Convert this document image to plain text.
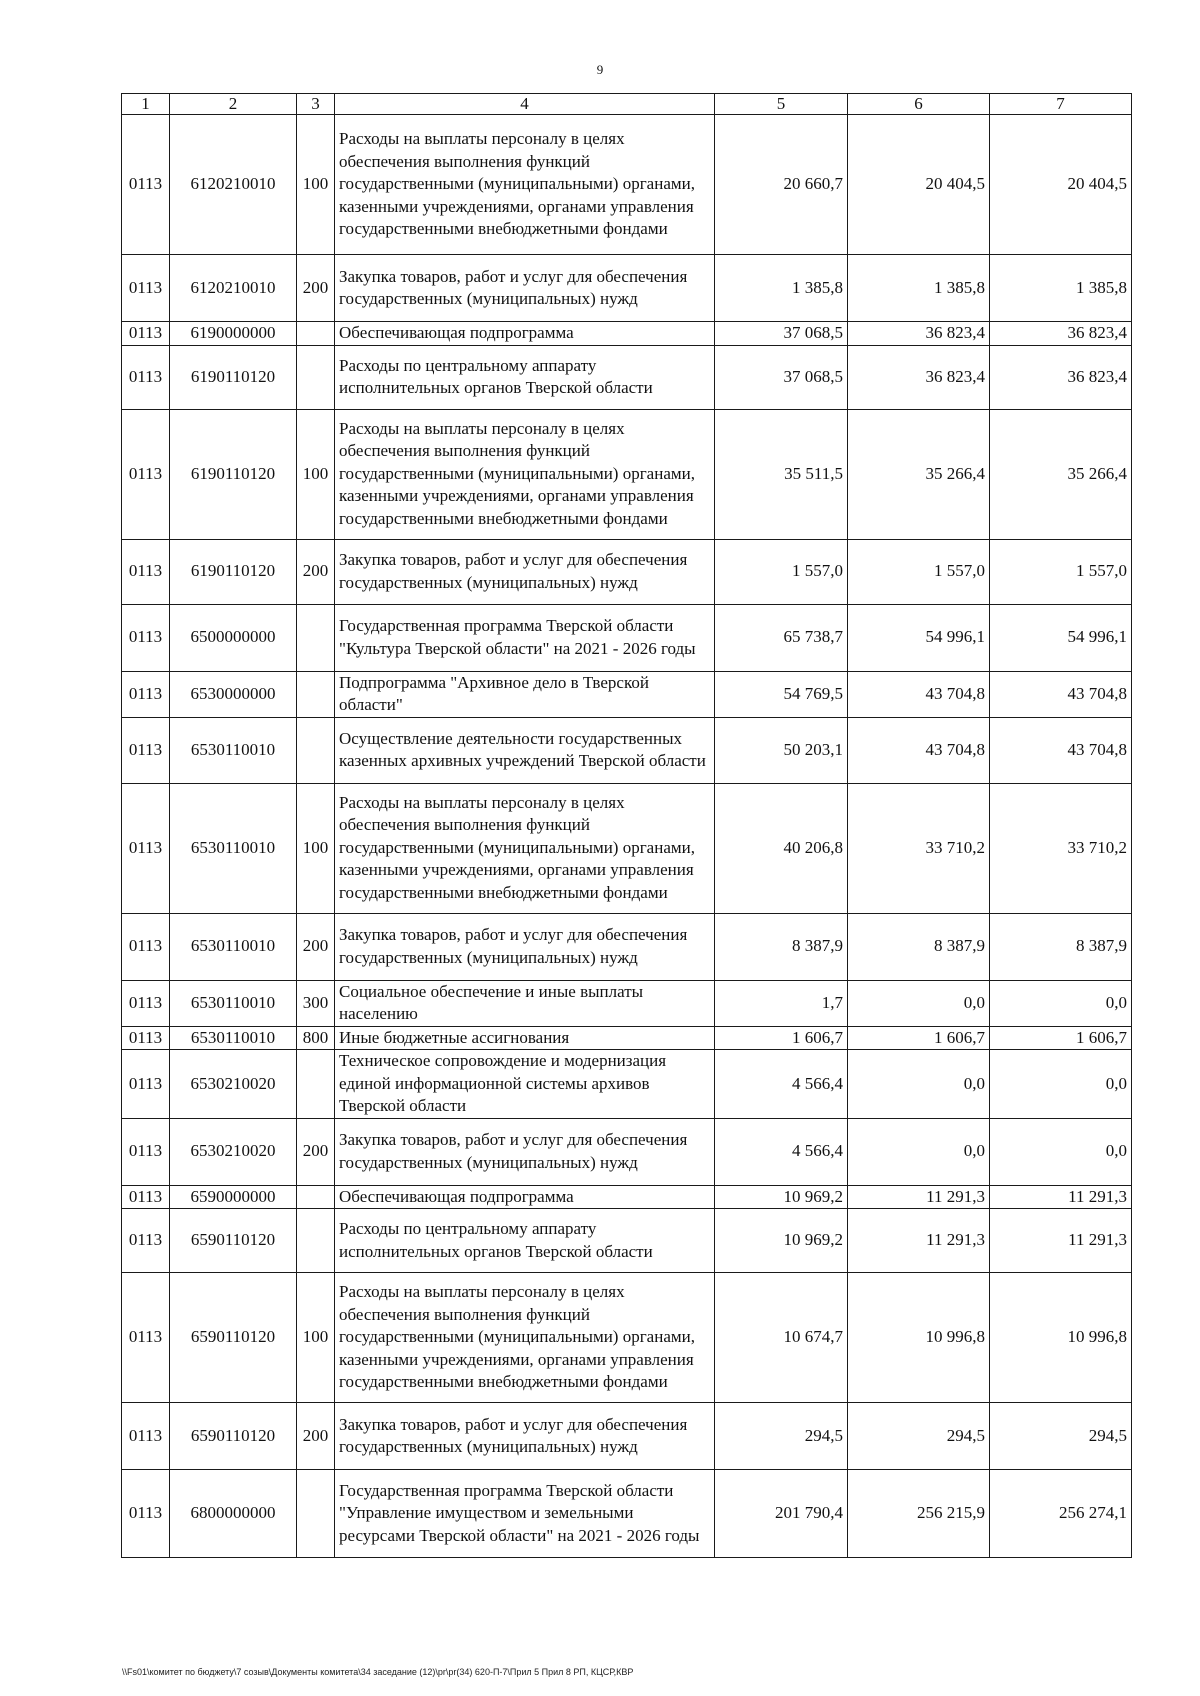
9
1	2	3	4	5	6	7
0113	6120210010	100	Расходы на выплаты персоналу в целях обеспечения выполнения функций государственными (муниципальными) органами, казенными учреждениями, органами управления государственными внебюджетными фондами	20 660,7	20 404,5	20 404,5
0113	6120210010	200	Закупка товаров, работ и услуг для обеспечения государственных (муниципальных) нужд	1 385,8	1 385,8	1 385,8
0113	6190000000		Обеспечивающая подпрограмма	37 068,5	36 823,4	36 823,4
0113	6190110120		Расходы по центральному аппарату исполнительных органов Тверской области	37 068,5	36 823,4	36 823,4
0113	6190110120	100	Расходы на выплаты персоналу в целях обеспечения выполнения функций государственными (муниципальными) органами, казенными учреждениями, органами управления государственными внебюджетными фондами	35 511,5	35 266,4	35 266,4
0113	6190110120	200	Закупка товаров, работ и услуг для обеспечения государственных (муниципальных) нужд	1 557,0	1 557,0	1 557,0
0113	6500000000		Государственная программа Тверской области "Культура Тверской области" на 2021 - 2026 годы	65 738,7	54 996,1	54 996,1
0113	6530000000		Подпрограмма "Архивное дело в Тверской области"	54 769,5	43 704,8	43 704,8
0113	6530110010		Осуществление деятельности государственных казенных архивных учреждений Тверской области	50 203,1	43 704,8	43 704,8
0113	6530110010	100	Расходы на выплаты персоналу в целях обеспечения выполнения функций государственными (муниципальными) органами, казенными учреждениями, органами управления государственными внебюджетными фондами	40 206,8	33 710,2	33 710,2
0113	6530110010	200	Закупка товаров, работ и услуг для обеспечения государственных (муниципальных) нужд	8 387,9	8 387,9	8 387,9
0113	6530110010	300	Социальное обеспечение и иные выплаты населению	1,7	0,0	0,0
0113	6530110010	800	Иные бюджетные ассигнования	1 606,7	1 606,7	1 606,7
0113	6530210020		Техническое сопровождение и модернизация единой информационной системы архивов Тверской области	4 566,4	0,0	0,0
0113	6530210020	200	Закупка товаров, работ и услуг для обеспечения государственных (муниципальных) нужд	4 566,4	0,0	0,0
0113	6590000000		Обеспечивающая подпрограмма	10 969,2	11 291,3	11 291,3
0113	6590110120		Расходы по центральному аппарату исполнительных органов Тверской области	10 969,2	11 291,3	11 291,3
0113	6590110120	100	Расходы на выплаты персоналу в целях обеспечения выполнения функций государственными (муниципальными) органами, казенными учреждениями, органами управления государственными внебюджетными фондами	10 674,7	10 996,8	10 996,8
0113	6590110120	200	Закупка товаров, работ и услуг для обеспечения государственных (муниципальных) нужд	294,5	294,5	294,5
0113	6800000000		Государственная программа Тверской области "Управление имуществом и земельными ресурсами Тверской области" на 2021 - 2026 годы	201 790,4	256 215,9	256 274,1
\\Fs01\комитет по бюджету\7 созыв\Документы комитета\34 заседание (12)\pr\pr(34) 620-П-7\Прил 5 Прил 8 РП, КЦСР,КВР
